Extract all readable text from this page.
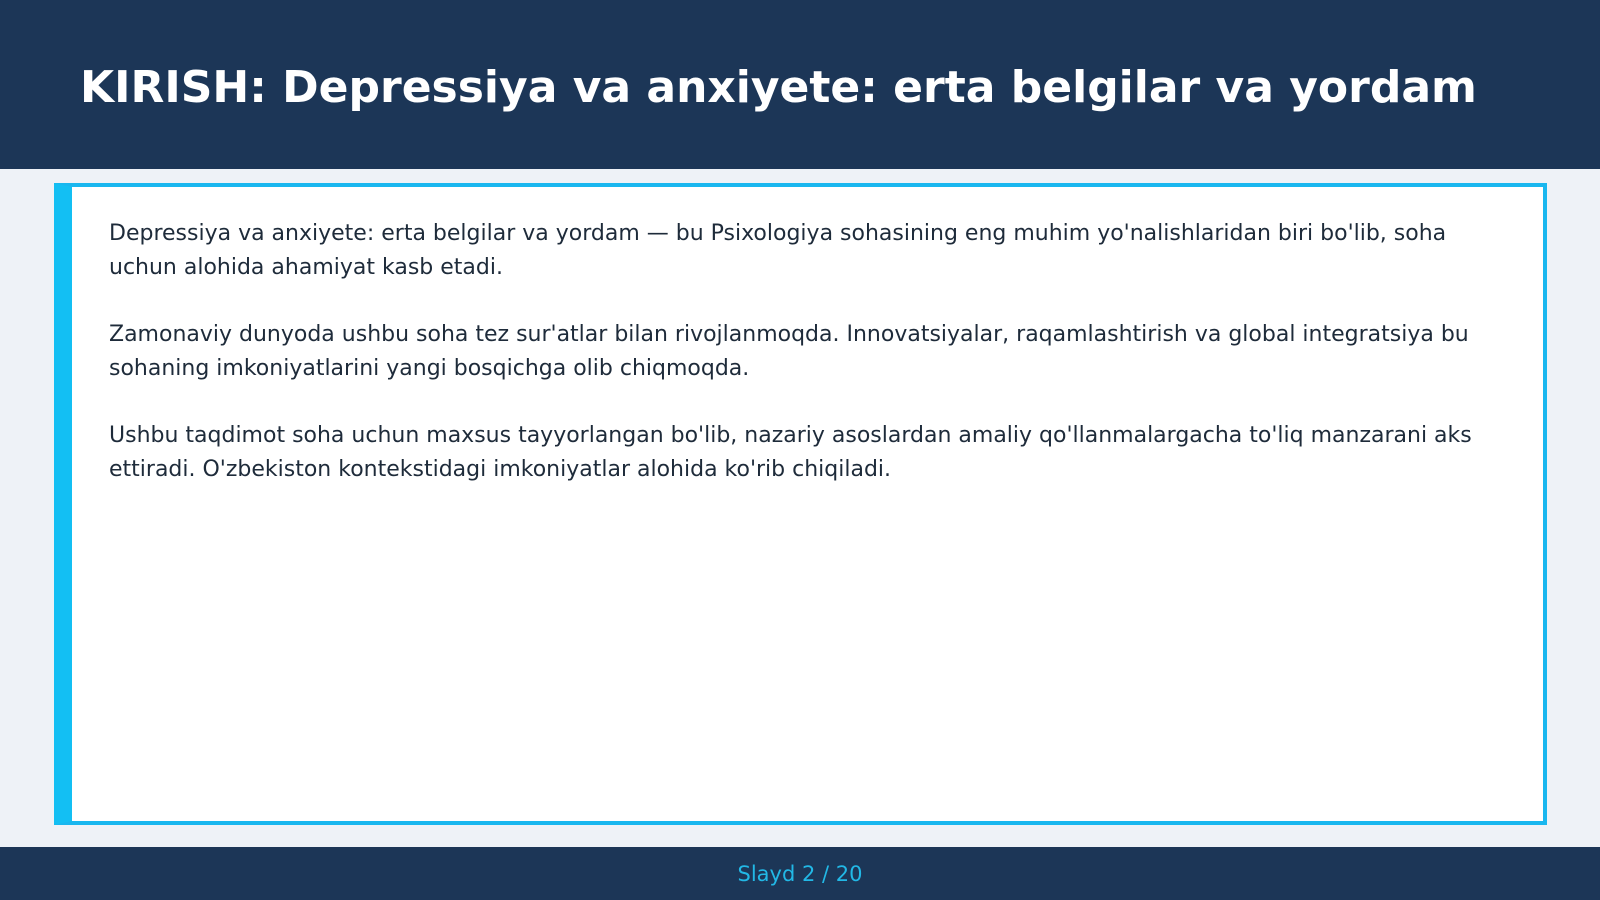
KIRISH: Depressiya va anxiyete: erta belgilar va yordam

Depressiya va anxiyete: erta belgilar va yordam — bu Psixologiya sohasining eng muhim yo'nalishlaridan biri bo'lib, soha uchun alohida ahamiyat kasb etadi.

Zamonaviy dunyoda ushbu soha tez sur'atlar bilan rivojlanmoqda. Innovatsiyalar, raqamlashtirish va global integratsiya bu sohaning imkoniyatlarini yangi bosqichga olib chiqmoqda.

Ushbu taqdimot soha uchun maxsus tayyorlangan bo'lib, nazariy asoslardan amaliy qo'llanmalargacha to'liq manzarani aks ettiradi. O'zbekiston kontekstidagi imkoniyatlar alohida ko'rib chiqiladi.

Slayd 2 / 20
